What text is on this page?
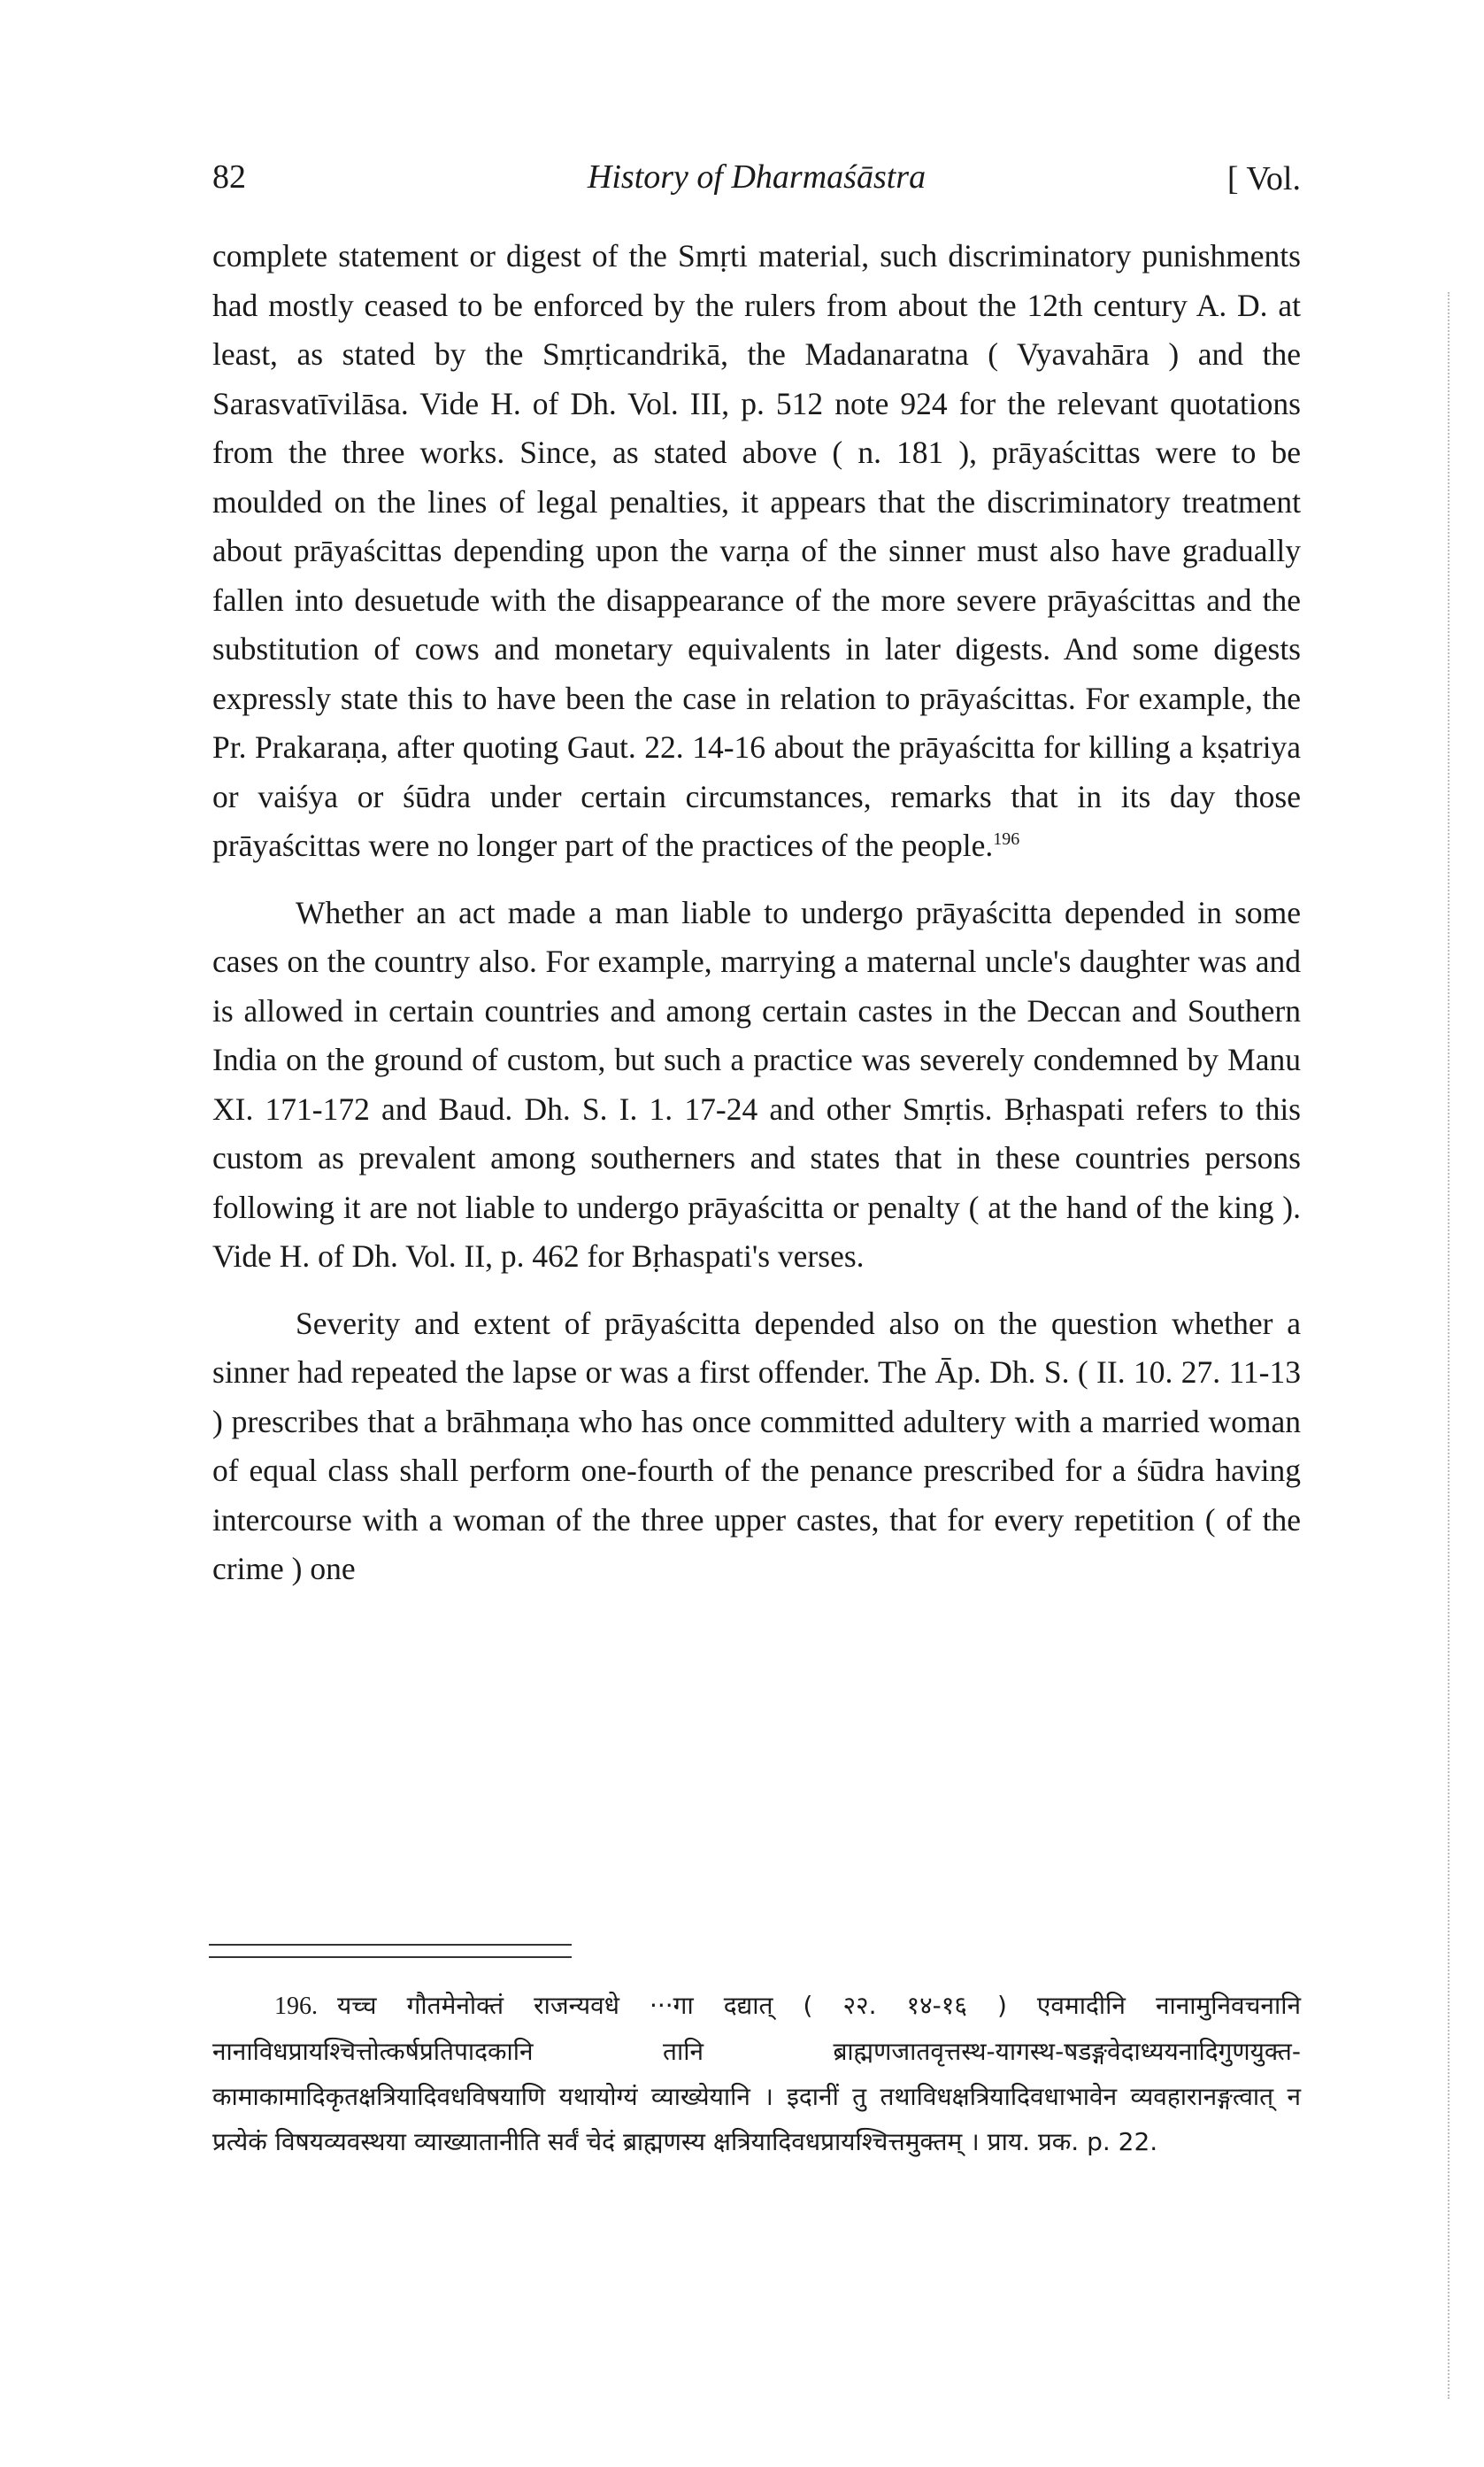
82	History of Dharmaśāstra	[ Vol.

complete statement or digest of the Smṛti material, such discriminatory punishments had mostly ceased to be enforced by the rulers from about the 12th century A. D. at least, as stated by the Smṛticandrikā, the Madanaratna ( Vyavahāra ) and the Sarasvatīvilāsa. Vide H. of Dh. Vol. III, p. 512 note 924 for the relevant quotations from the three works. Since, as stated above ( n. 181 ), prāyaścittas were to be moulded on the lines of legal penalties, it appears that the discriminatory treatment about prāyaścittas depending upon the varṇa of the sinner must also have gradually fallen into desuetude with the disappearance of the more severe prāyaścittas and the substitution of cows and monetary equivalents in later digests. And some digests expressly state this to have been the case in relation to prāyaścittas. For example, the Pr. Prakaraṇa, after quoting Gaut. 22. 14-16 about the prāyaścitta for killing a kṣatriya or vaiśya or śūdra under certain circumstances, remarks that in its day those prāyaścittas were no longer part of the practices of the people.$^{196}$

Whether an act made a man liable to undergo prāyaścitta depended in some cases on the country also. For example, marrying a maternal uncle's daughter was and is allowed in certain countries and among certain castes in the Deccan and Southern India on the ground of custom, but such a practice was severely condemned by Manu XI. 171-172 and Baud. Dh. S. I. 1. 17-24 and other Smṛtis. Bṛhaspati refers to this custom as prevalent among southerners and states that in these countries persons following it are not liable to undergo prāyaścitta or penalty ( at the hand of the king ). Vide H. of Dh. Vol. II, p. 462 for Bṛhaspati's verses.

Severity and extent of prāyaścitta depended also on the question whether a sinner had repeated the lapse or was a first offender. The Āp. Dh. S. ( II. 10. 27. 11-13 ) prescribes that a brāhmaṇa who has once committed adultery with a married woman of equal class shall perform one-fourth of the penance prescribed for a śūdra having intercourse with a woman of the three upper castes, that for every repetition ( of the crime ) one

196. यच्च गौतमेनोक्तं राजन्यवधे ···गा दद्यात् ( २२. १४-१६ ) एवमादीनि नानामुनिवचनानि नानाविधप्रायश्चित्तोत्कर्षप्रतिपादकानि तानि ब्राह्मणजातवृत्तस्थ-यागस्थ-षडङ्गवेदाध्ययनादिगुणयुक्त-कामाकामादिकृतक्षत्रियादिवधविषयाणि यथायोग्यं व्याख्येयानि । इदानीं तु तथाविधक्षत्रियादिवधाभावेन व्यवहारानङ्गत्वात् न प्रत्येकं विषयव्यवस्थया व्याख्यातानीति सर्वं चेदं ब्राह्मणस्य क्षत्रियादिवधप्रायश्चित्तमुक्तम् । प्राय. प्रक. p. 22.
